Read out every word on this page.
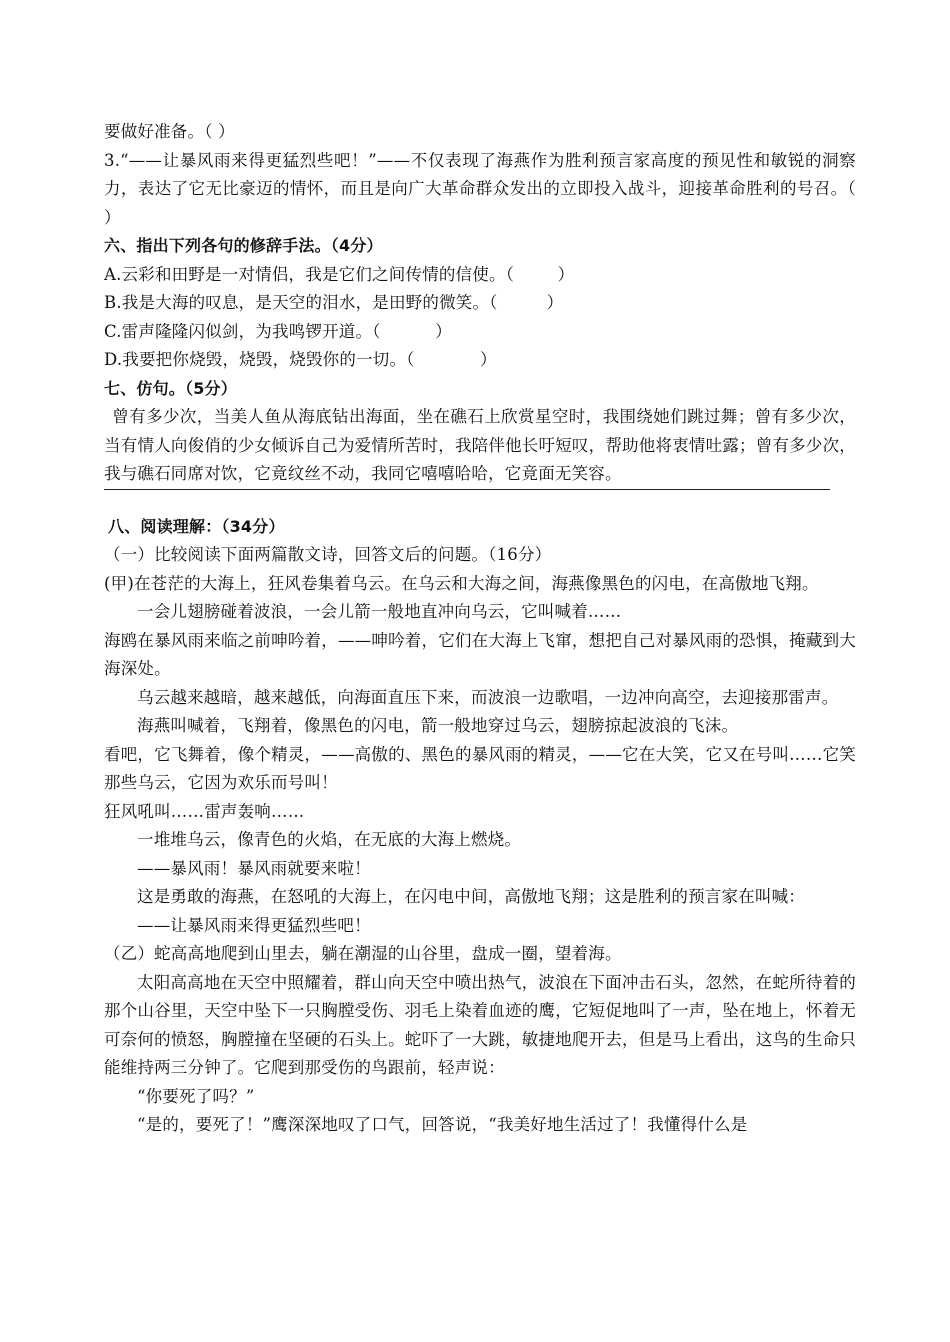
要做好准备。（ ）

3.“——让暴风雨来得更猛烈些吧！”——不仅表现了海燕作为胜利预言家高度的预见性和敏锐的洞察力，表达了它无比豪迈的情怀，而且是向广大革命群众发出的立即投入战斗，迎接革命胜利的号召。（ ）

六、指出下列各句的修辞手法。（4分）

A.云彩和田野是一对情侣，我是它们之间传情的信使。（        ）

B.我是大海的叹息，是天空的泪水，是田野的微笑。（         ）

C.雷声隆隆闪似剑，为我鸣锣开道。（          ）

D.我要把你烧毁，烧毁，烧毁你的一切。（            ）

七、仿句。（5分）

曾有多少次，当美人鱼从海底钻出海面，坐在礁石上欣赏星空时，我围绕她们跳过舞；曾有多少次，当有情人向俊俏的少女倾诉自己为爱情所苦时，我陪伴他长吁短叹，帮助他将衷情吐露；曾有多少次，我与礁石同席对饮，它竟纹丝不动，我同它嘻嘻哈哈，它竟面无笑容。

八、阅读理解：（34分）

（一）比较阅读下面两篇散文诗，回答文后的问题。（16分）

(甲)在苍茫的大海上，狂风卷集着乌云。在乌云和大海之间，海燕像黑色的闪电，在高傲地飞翔。

一会儿翅膀碰着波浪，一会儿箭一般地直冲向乌云，它叫喊着……

海鸥在暴风雨来临之前呻吟着，——呻吟着，它们在大海上飞窜，想把自己对暴风雨的恐惧，掩藏到大海深处。

乌云越来越暗，越来越低，向海面直压下来，而波浪一边歌唱，一边冲向高空，去迎接那雷声。

海燕叫喊着，飞翔着，像黑色的闪电，箭一般地穿过乌云，翅膀掠起波浪的飞沫。

看吧，它飞舞着，像个精灵，——高傲的、黑色的暴风雨的精灵，——它在大笑，它又在号叫……它笑那些乌云，它因为欢乐而号叫！

狂风吼叫……雷声轰响……

一堆堆乌云，像青色的火焰，在无底的大海上燃烧。

——暴风雨！暴风雨就要来啦！

这是勇敢的海燕，在怒吼的大海上，在闪电中间，高傲地飞翔；这是胜利的预言家在叫喊：

——让暴风雨来得更猛烈些吧！

（乙）蛇高高地爬到山里去，躺在潮湿的山谷里，盘成一圈，望着海。

太阳高高地在天空中照耀着，群山向天空中喷出热气，波浪在下面冲击石头，忽然，在蛇所待着的那个山谷里，天空中坠下一只胸膛受伤、羽毛上染着血迹的鹰，它短促地叫了一声，坠在地上，怀着无可奈何的愤怒，胸膛撞在坚硬的石头上。蛇吓了一大跳，敏捷地爬开去，但是马上看出，这鸟的生命只能维持两三分钟了。它爬到那受伤的鸟跟前，轻声说：

“你要死了吗？”

“是的，要死了！”鹰深深地叹了口气，回答说，“我美好地生活过了！我懂得什么是
